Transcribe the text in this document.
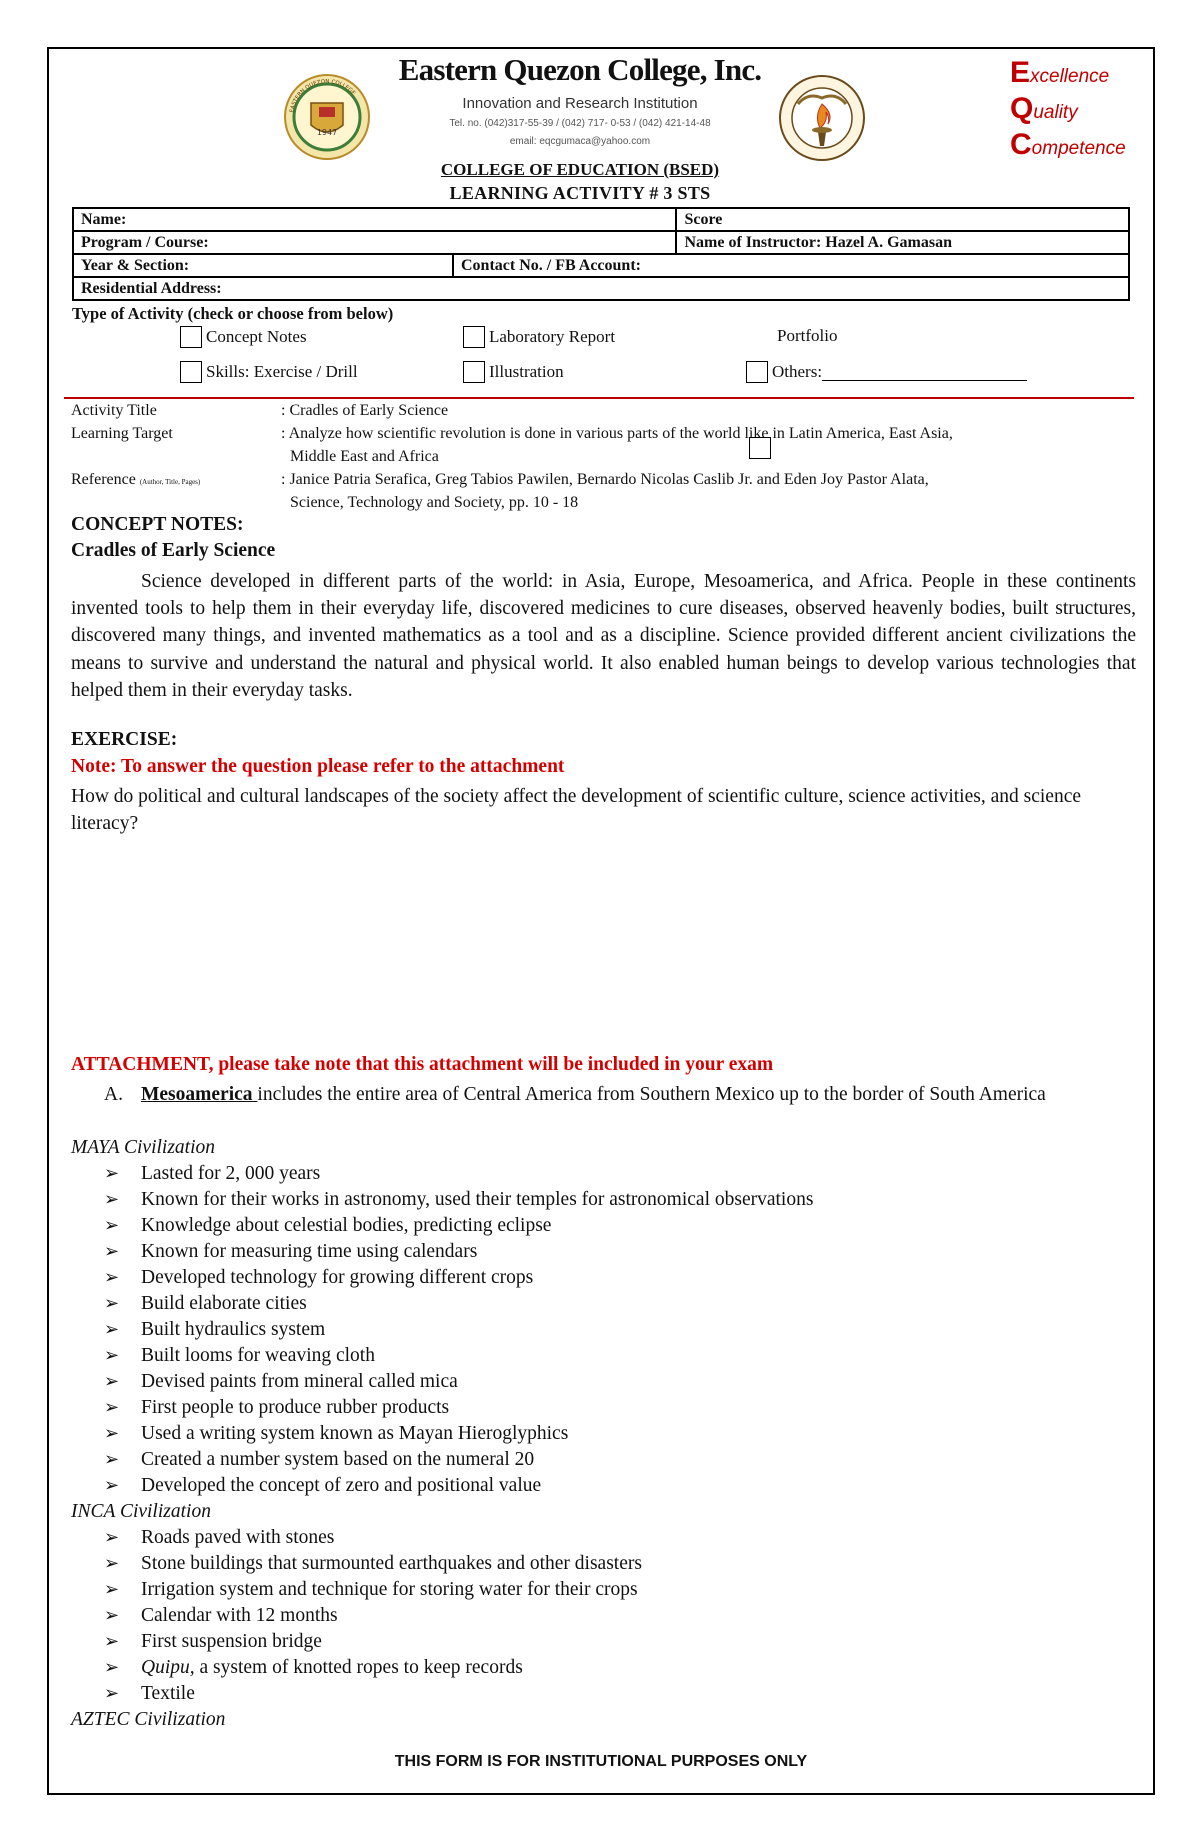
1947
EASTERN QUEZON COLLEGE
Eastern Quezon College, Inc.
Innovation and Research Institution
Tel. no. (042)317-55-39 / (042) 717- 0-53 / (042) 421-14-48
email: eqcgumaca@yahoo.com
COLLEGE OF EDUCATION (BSED)
LEARNING ACTIVITY # 3 STS
Excellence
Quality
Competence
Name:		Score
Program / Course:		Name of Instructor: Hazel A. Gamasan
Year & Section:	Contact No. / FB Account:	
Residential Address:		
Type of Activity (check or choose from below)
Concept Notes	Laboratory Report	Portfolio
Skills: Exercise / Drill	Illustration	Others:
Activity Title	: Cradles of Early Science
Learning Target	: Analyze how scientific revolution is done in various parts of the world like in Latin America, East Asia,
Middle East and Africa
Reference (Author, Title, Pages)	: Janice Patria Serafica, Greg Tabios Pawilen, Bernardo Nicolas Caslib Jr. and Eden Joy Pastor Alata,
Science, Technology and Society, pp. 10 - 18
CONCEPT NOTES:
Cradles of Early Science
Science developed in different parts of the world: in Asia, Europe, Mesoamerica, and Africa. People in these continents invented tools to help them in their everyday life, discovered medicines to cure diseases, observed heavenly bodies, built structures, discovered many things, and invented mathematics as a tool and as a discipline. Science provided different ancient civilizations the means to survive and understand the natural and physical world. It also enabled human beings to develop various technologies that helped them in their everyday tasks.
EXERCISE:
Note: To answer the question please refer to the attachment
How do political and cultural landscapes of the society affect the development of scientific culture, science activities, and science literacy?
ATTACHMENT, please take note that this attachment will be included in your exam
A. Mesoamerica includes the entire area of Central America from Southern Mexico up to the border of South America
MAYA Civilization
➢	Lasted for 2, 000 years
➢	Known for their works in astronomy, used their temples for astronomical observations
➢	Knowledge about celestial bodies, predicting eclipse
➢	Known for measuring time using calendars
➢	Developed technology for growing different crops
➢	Build elaborate cities
➢	Built hydraulics system
➢	Built looms for weaving cloth
➢	Devised paints from mineral called mica
➢	First people to produce rubber products
➢	Used a writing system known as Mayan Hieroglyphics
➢	Created a number system based on the numeral 20
➢	Developed the concept of zero and positional value
INCA Civilization
➢	Roads paved with stones
➢	Stone buildings that surmounted earthquakes and other disasters
➢	Irrigation system and technique for storing water for their crops
➢	Calendar with 12 months
➢	First suspension bridge
➢	Quipu, a system of knotted ropes to keep records
➢	Textile
AZTEC Civilization
THIS FORM IS FOR INSTITUTIONAL PURPOSES ONLY
